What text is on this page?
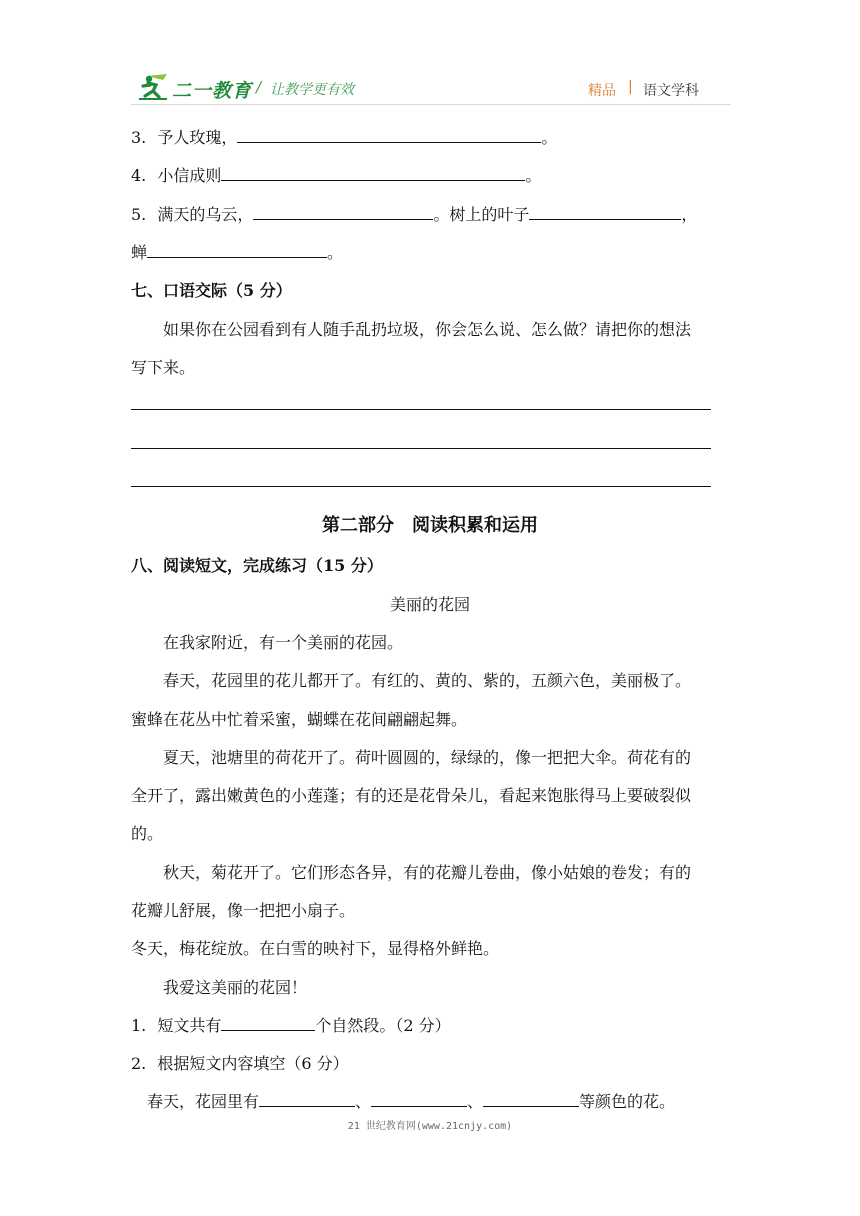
二一教育 / 让教学更有效	精品 | 语文学科
3. 予人玫瑰，	。
4. 小信成则	。
5. 满天的乌云，	。树上的叶子	，
蝉	。
七、口语交际（5 分）
如果你在公园看到有人随手乱扔垃圾，你会怎么说、怎么做？请把你的想法
写下来。
第二部分　阅读积累和运用
八、阅读短文，完成练习（15 分）
美丽的花园
在我家附近，有一个美丽的花园。
春天，花园里的花儿都开了。有红的、黄的、紫的，五颜六色，美丽极了。
蜜蜂在花丛中忙着采蜜，蝴蝶在花间翩翩起舞。
夏天，池塘里的荷花开了。荷叶圆圆的，绿绿的，像一把把大伞。荷花有的
全开了，露出嫩黄色的小莲蓬；有的还是花骨朵儿，看起来饱胀得马上要破裂似
的。
秋天，菊花开了。它们形态各异，有的花瓣儿卷曲，像小姑娘的卷发；有的
花瓣儿舒展，像一把把小扇子。
冬天，梅花绽放。在白雪的映衬下，显得格外鲜艳。
我爱这美丽的花园！
1. 短文共有	个自然段。（2 分）
2. 根据短文内容填空（6 分）
春天，花园里有	、	、	等颜色的花。
21 世纪教育网(www.21cnjy.com)
